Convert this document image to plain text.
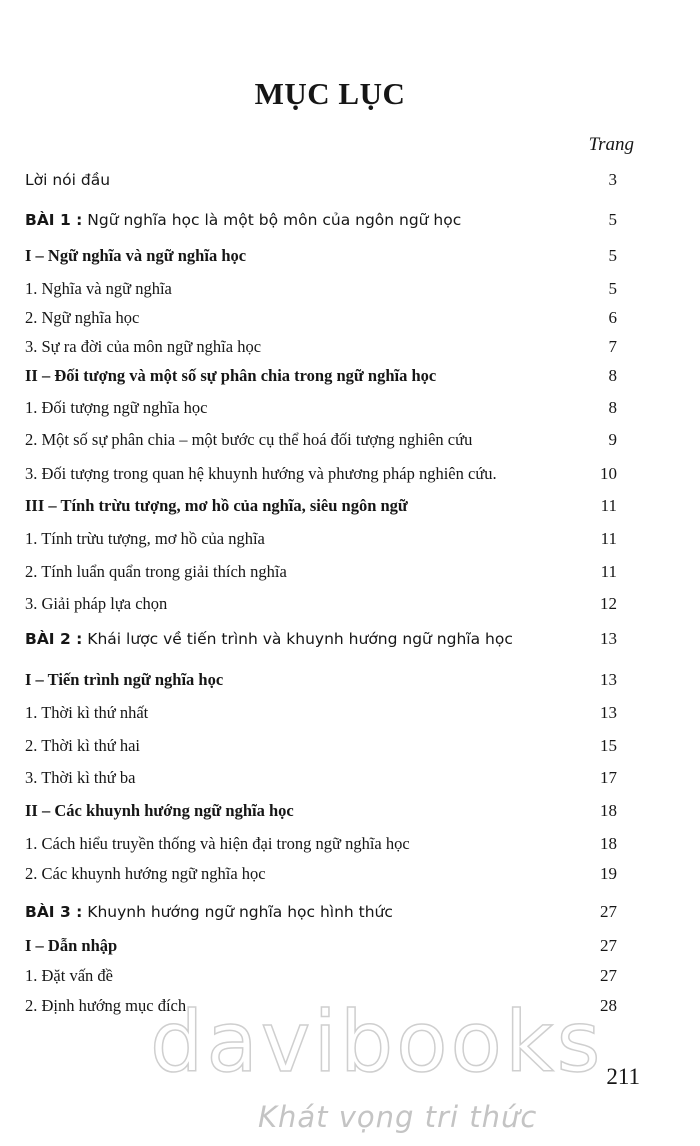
MỤC LỤC
Trang
Lời nói đầu	3
BÀI 1 : Ngữ nghĩa học là một bộ môn của ngôn ngữ học	5
I – Ngữ nghĩa và ngữ nghĩa học	5
1. Nghĩa và ngữ nghĩa	5
2. Ngữ nghĩa học	6
3. Sự ra đời của môn ngữ nghĩa học	7
II – Đối tượng và một số sự phân chia trong ngữ nghĩa học	8
1. Đối tượng ngữ nghĩa học	8
2. Một số sự phân chia – một bước cụ thể hoá đối tượng nghiên cứu	9
3. Đối tượng trong quan hệ khuynh hướng và phương pháp nghiên cứu.	10
III – Tính trừu tượng, mơ hồ của nghĩa, siêu ngôn ngữ	11
1. Tính trừu tượng, mơ hồ của nghĩa	11
2. Tính luẩn quẩn trong giải thích nghĩa	11
3. Giải pháp lựa chọn	12
BÀI 2 : Khái lược về tiến trình và khuynh hướng ngữ nghĩa học	13
I – Tiến trình ngữ nghĩa học	13
1. Thời kì thứ nhất	13
2. Thời kì thứ hai	15
3. Thời kì thứ ba	17
II – Các khuynh hướng ngữ nghĩa học	18
1. Cách hiểu truyền thống và hiện đại trong ngữ nghĩa học	18
2. Các khuynh hướng ngữ nghĩa học	19
BÀI 3 : Khuynh hướng ngữ nghĩa học hình thức	27
I – Dẫn nhập	27
1. Đặt vấn đề	27
2. Định hướng mục đích	28
211
davibooks
Khát vọng tri thức
